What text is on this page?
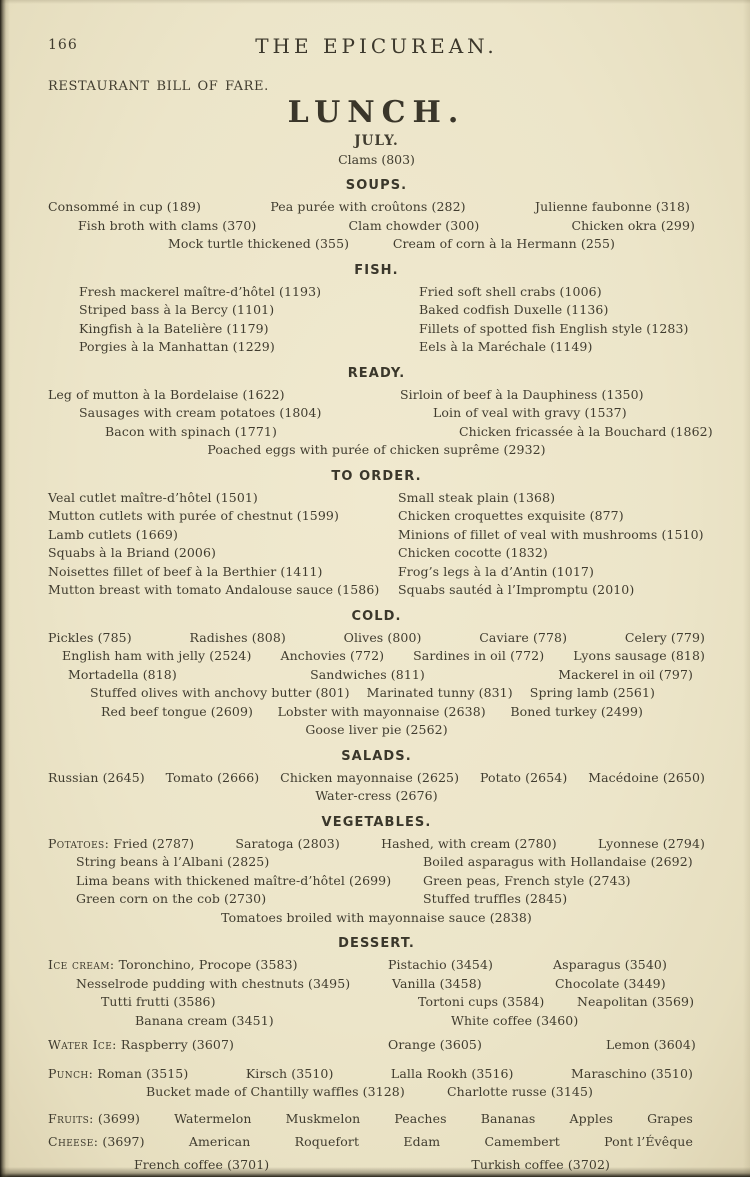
166	THE EPICUREAN.
RESTAURANT BILL OF FARE.
LUNCH.
JULY.
Clams (803)
SOUPS.
Consommé in cup (189)	Pea purée with croûtons (282)	Julienne faubonne (318)
Fish broth with clams (370)	Clam chowder (300)	Chicken okra (299)
Mock turtle thickened (355)	Cream of corn à la Hermann (255)
FISH.
Fresh mackerel maître-d’hôtel (1193)	Fried soft shell crabs (1006)
Striped bass à la Bercy (1101)	Baked codfish Duxelle (1136)
Kingfish à la Batelière (1179)	Fillets of spotted fish English style (1283)
Porgies à la Manhattan (1229)	Eels à la Maréchale (1149)
READY.
Leg of mutton à la Bordelaise (1622)	Sirloin of beef à la Dauphiness (1350)
Sausages with cream potatoes (1804)	Loin of veal with gravy (1537)
Bacon with spinach (1771)	Chicken fricassée à la Bouchard (1862)
Poached eggs with purée of chicken suprême (2932)
TO ORDER.
Veal cutlet maître-d’hôtel (1501)	Small steak plain (1368)
Mutton cutlets with purée of chestnut (1599)	Chicken croquettes exquisite (877)
Lamb cutlets (1669)	Minions of fillet of veal with mushrooms (1510)
Squabs à la Briand (2006)	Chicken cocotte (1832)
Noisettes fillet of beef à la Berthier (1411)	Frog’s legs à la d’Antin (1017)
Mutton breast with tomato Andalouse sauce (1586)	Squabs sautéd à l’Impromptu (2010)
COLD.
Pickles (785)	Radishes (808)	Olives (800)	Caviare (778)	Celery (779)
English ham with jelly (2524) Anchovies (772) Sardines in oil (772) Lyons sausage (818)
Mortadella (818)	Sandwiches (811)	Mackerel in oil (797)
Stuffed olives with anchovy butter (801) Marinated tunny (831) Spring lamb (2561)
Red beef tongue (2609) Lobster with mayonnaise (2638) Boned turkey (2499)
Goose liver pie (2562)
SALADS.
Russian (2645) Tomato (2666) Chicken mayonnaise (2625) Potato (2654) Macédoine (2650)
Water-cress (2676)
VEGETABLES.
Potatoes: Fried (2787)	Saratoga (2803)	Hashed, with cream (2780)	Lyonnese (2794)
String beans à l’Albani (2825)	Boiled asparagus with Hollandaise (2692)
Lima beans with thickened maître-d’hôtel (2699)	Green peas, French style (2743)
Green corn on the cob (2730)	Stuffed truffles (2845)
Tomatoes broiled with mayonnaise sauce (2838)
DESSERT.
Ice cream: Toronchino, Procope (3583)	Pistachio (3454)	Asparagus (3540)
Nesselrode pudding with chestnuts (3495)	Vanilla (3458)	Chocolate (3449)
Tutti frutti (3586)	Tortoni cups (3584)	Neapolitan (3569)
Banana cream (3451)	White coffee (3460)
Water Ice: Raspberry (3607)	Orange (3605)	Lemon (3604)
Punch: Roman (3515)	Kirsch (3510)	Lalla Rookh (3516)	Maraschino (3510)
Bucket made of Chantilly waffles (3128)	Charlotte russe (3145)
Fruits: (3699)	Watermelon	Muskmelon	Peaches	Bananas	Apples	Grapes
Cheese: (3697)	American	Roquefort	Edam	Camembert	Pont l’Évêque
French coffee (3701)	Turkish coffee (3702)
